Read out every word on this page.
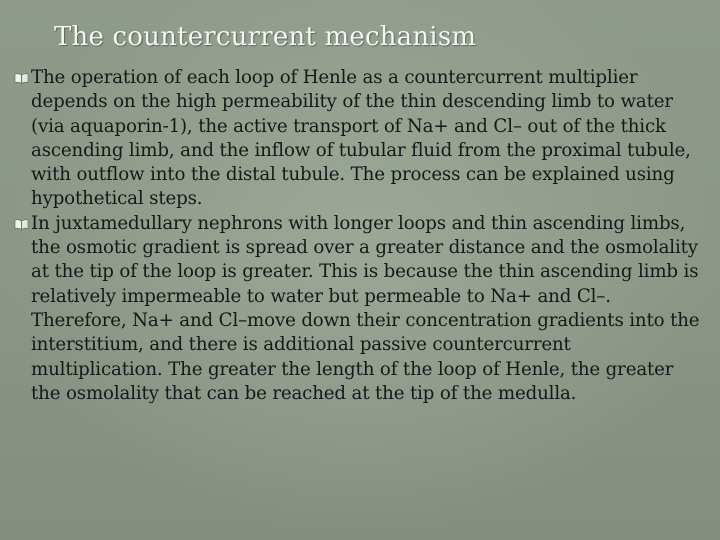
The countercurrent mechanism
The operation of each loop of Henle as a countercurrent multiplier depends on the high permeability of the thin descending limb to water (via aquaporin-1), the active transport of Na+ and Cl– out of the thick ascending limb, and the inflow of tubular fluid from the proximal tubule, with outflow into the distal tubule. The process can be explained using hypothetical steps.
In juxtamedullary nephrons with longer loops and thin ascending limbs, the osmotic gradient is spread over a greater distance and the osmolality at the tip of the loop is greater. This is because the thin ascending limb is relatively impermeable to water but permeable to Na+ and Cl–. Therefore, Na+ and Cl–move down their concentration gradients into the interstitium, and there is additional passive countercurrent multiplication. The greater the length of the loop of Henle, the greater the osmolality that can be reached at the tip of the medulla.
